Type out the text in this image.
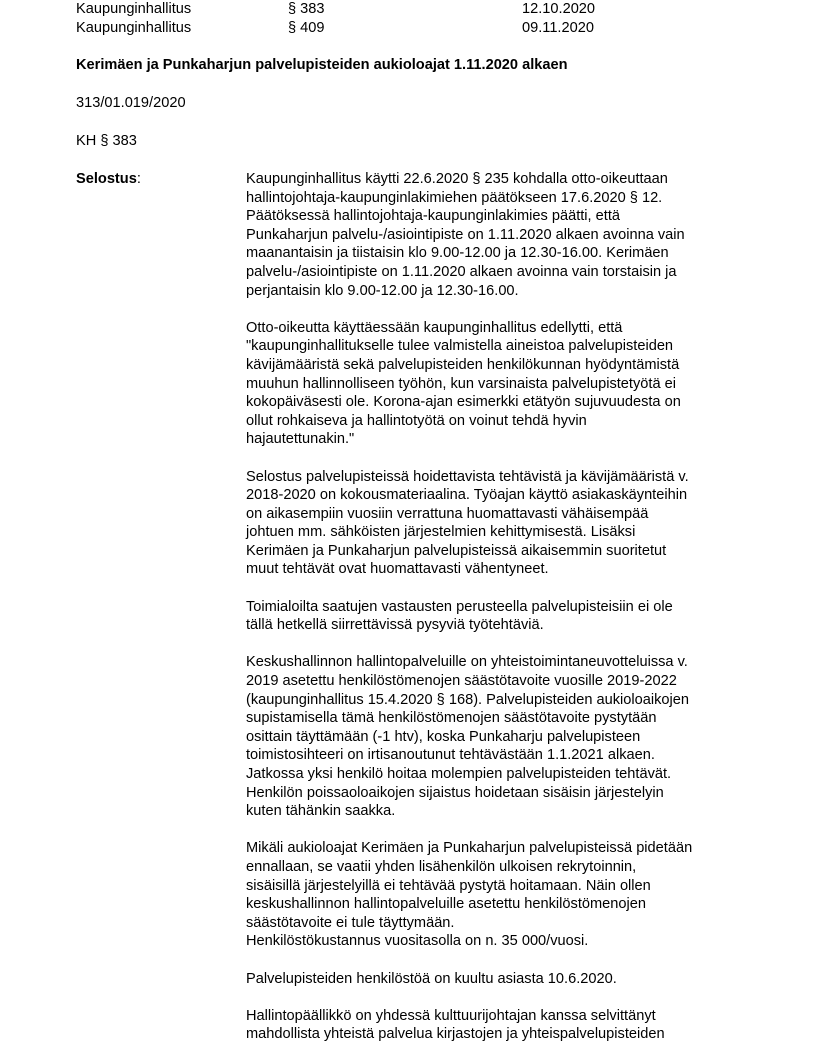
Kaupunginhallitus	§ 383	12.10.2020
Kaupunginhallitus	§ 409	09.11.2020
Kerimäen ja Punkaharjun palvelupisteiden aukioloajat 1.11.2020 alkaen
313/01.019/2020
KH § 383
Selostus:	Kaupunginhallitus käytti 22.6.2020 § 235 kohdalla otto-oikeuttaan
hallintojohtaja-kaupunginlakimiehen päätökseen 17.6.2020 § 12.
Päätöksessä hallintojohtaja-kaupunginlakimies päätti, että
Punkaharjun palvelu-/asiointipiste on 1.11.2020 alkaen avoinna vain
maanantaisin ja tiistaisin klo 9.00-12.00 ja 12.30-16.00. Kerimäen
palvelu-/asiointipiste on 1.11.2020 alkaen avoinna vain torstaisin ja
perjantaisin klo 9.00-12.00 ja 12.30-16.00.
Otto-oikeutta käyttäessään kaupunginhallitus edellytti, että
"kaupunginhallitukselle tulee valmistella aineistoa palvelupisteiden
kävijämääristä sekä palvelupisteiden henkilökunnan hyödyntämistä
muuhun hallinnolliseen työhön, kun varsinaista palvelupistetyötä ei
kokopäiväsesti ole. Korona-ajan esimerkki etätyön sujuvuudesta on
ollut rohkaiseva ja hallintotyötä on voinut tehdä hyvin
hajautettunakin."
Selostus palvelupisteissä hoidettavista tehtävistä ja kävijämääristä v.
2018-2020 on kokousmateriaalina. Työajan käyttö asiakaskäynteihin
on aikasempiin vuosiin verrattuna huomattavasti vähäisempää
johtuen mm. sähköisten järjestelmien kehittymisestä. Lisäksi
Kerimäen ja Punkaharjun palvelupisteissä aikaisemmin suoritetut
muut tehtävät ovat huomattavasti vähentyneet.
Toimialoilta saatujen vastausten perusteella palvelupisteisiin ei ole
tällä hetkellä siirrettävissä pysyviä työtehtäviä.
Keskushallinnon hallintopalveluille on yhteistoimintaneuvotteluissa v.
2019 asetettu henkilöstömenojen säästötavoite vuosille 2019-2022
(kaupunginhallitus 15.4.2020 § 168). Palvelupisteiden aukioloaikojen
supistamisella tämä henkilöstömenojen säästötavoite pystytään
osittain täyttämään (-1 htv), koska Punkaharju palvelupisteen
toimistosihteeri on irtisanoutunut tehtävästään 1.1.2021 alkaen.
Jatkossa yksi henkilö hoitaa molempien palvelupisteiden tehtävät.
Henkilön poissaoloaikojen sijaistus hoidetaan sisäisin järjestelyin
kuten tähänkin saakka.
Mikäli aukioloajat Kerimäen ja Punkaharjun palvelupisteissä pidetään
ennallaan, se vaatii yhden lisähenkilön ulkoisen rekrytoinnin,
sisäisillä järjestelyillä ei tehtävää pystytä hoitamaan. Näin ollen
keskushallinnon hallintopalveluille asetettu henkilöstömenojen
säästötavoite ei tule täyttymään.
Henkilöstökustannus vuositasolla on n. 35 000/vuosi.
Palvelupisteiden henkilöstöä on kuultu asiasta 10.6.2020.
Hallintopäällikkö on yhdessä kulttuurijohtajan kanssa selvittänyt
mahdollista yhteistä palvelua kirjastojen ja yhteispalvelupisteiden
